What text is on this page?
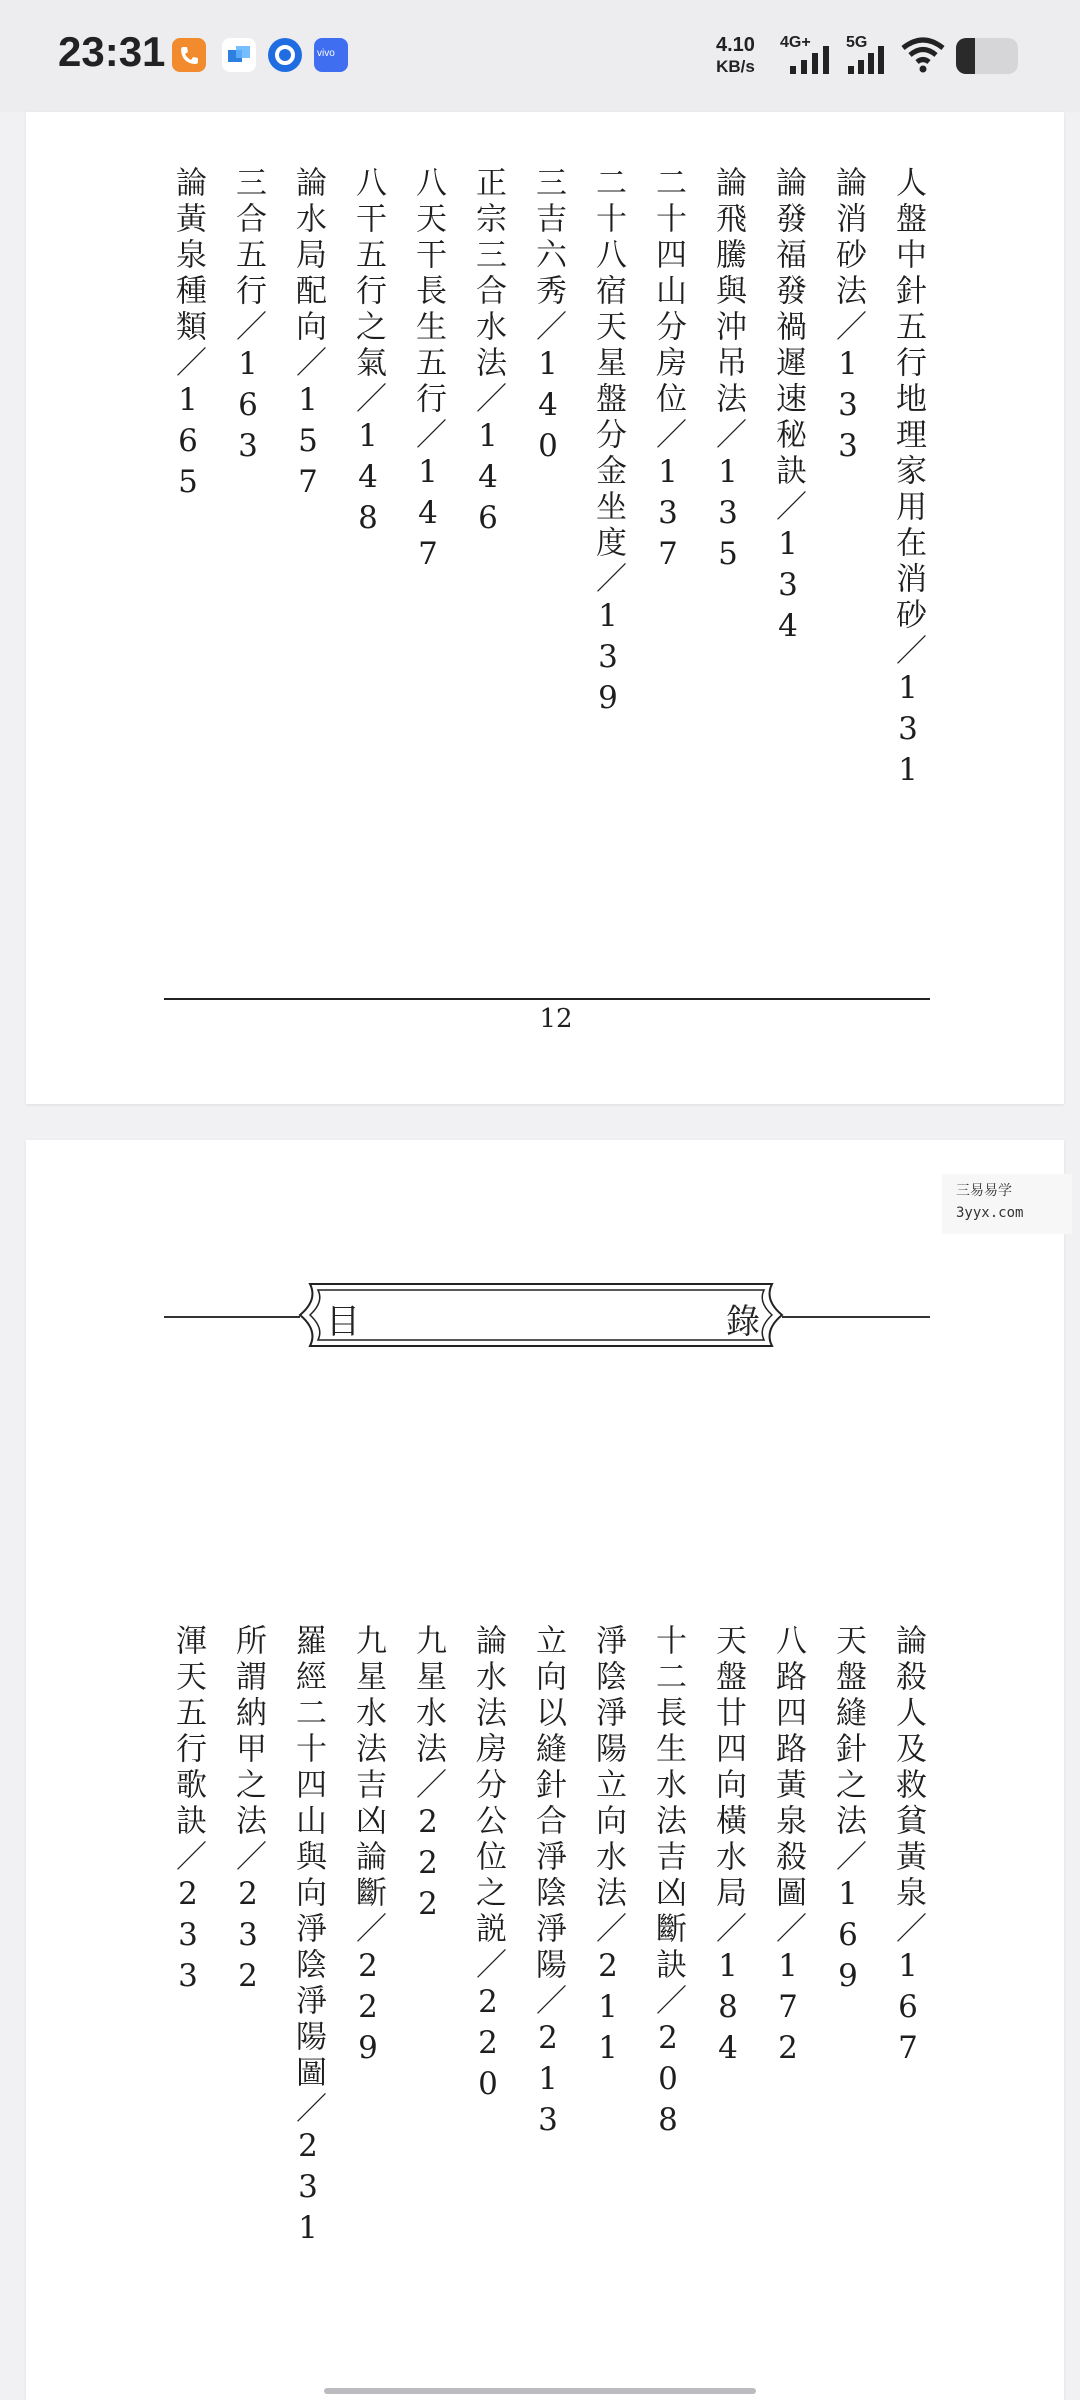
23:31	vivo	4.10
KB/s
4G+ 5G
人盤中針五行地理家用在消砂／131
論消砂法／133
論發福發禍遲速秘訣／134
論飛騰與沖吊法／135
二十四山分房位／137
二十八宿天星盤分金坐度／139
三吉六秀／140
正宗三合水法／146
八天干長生五行／147
八干五行之氣／148
論水局配向／157
三合五行／163
論黃泉種類／165
12
三易易学
3yyx.com
目	錄
論殺人及救貧黃泉／167
天盤縫針之法／169
八路四路黃泉殺圖／172
天盤廿四向橫水局／184
十二長生水法吉凶斷訣／208
淨陰淨陽立向水法／211
立向以縫針合淨陰淨陽／213
論水法房分公位之説／220
九星水法／222
九星水法吉凶論斷／229
羅經二十四山與向淨陰淨陽圖／231
所謂納甲之法／232
渾天五行歌訣／233
